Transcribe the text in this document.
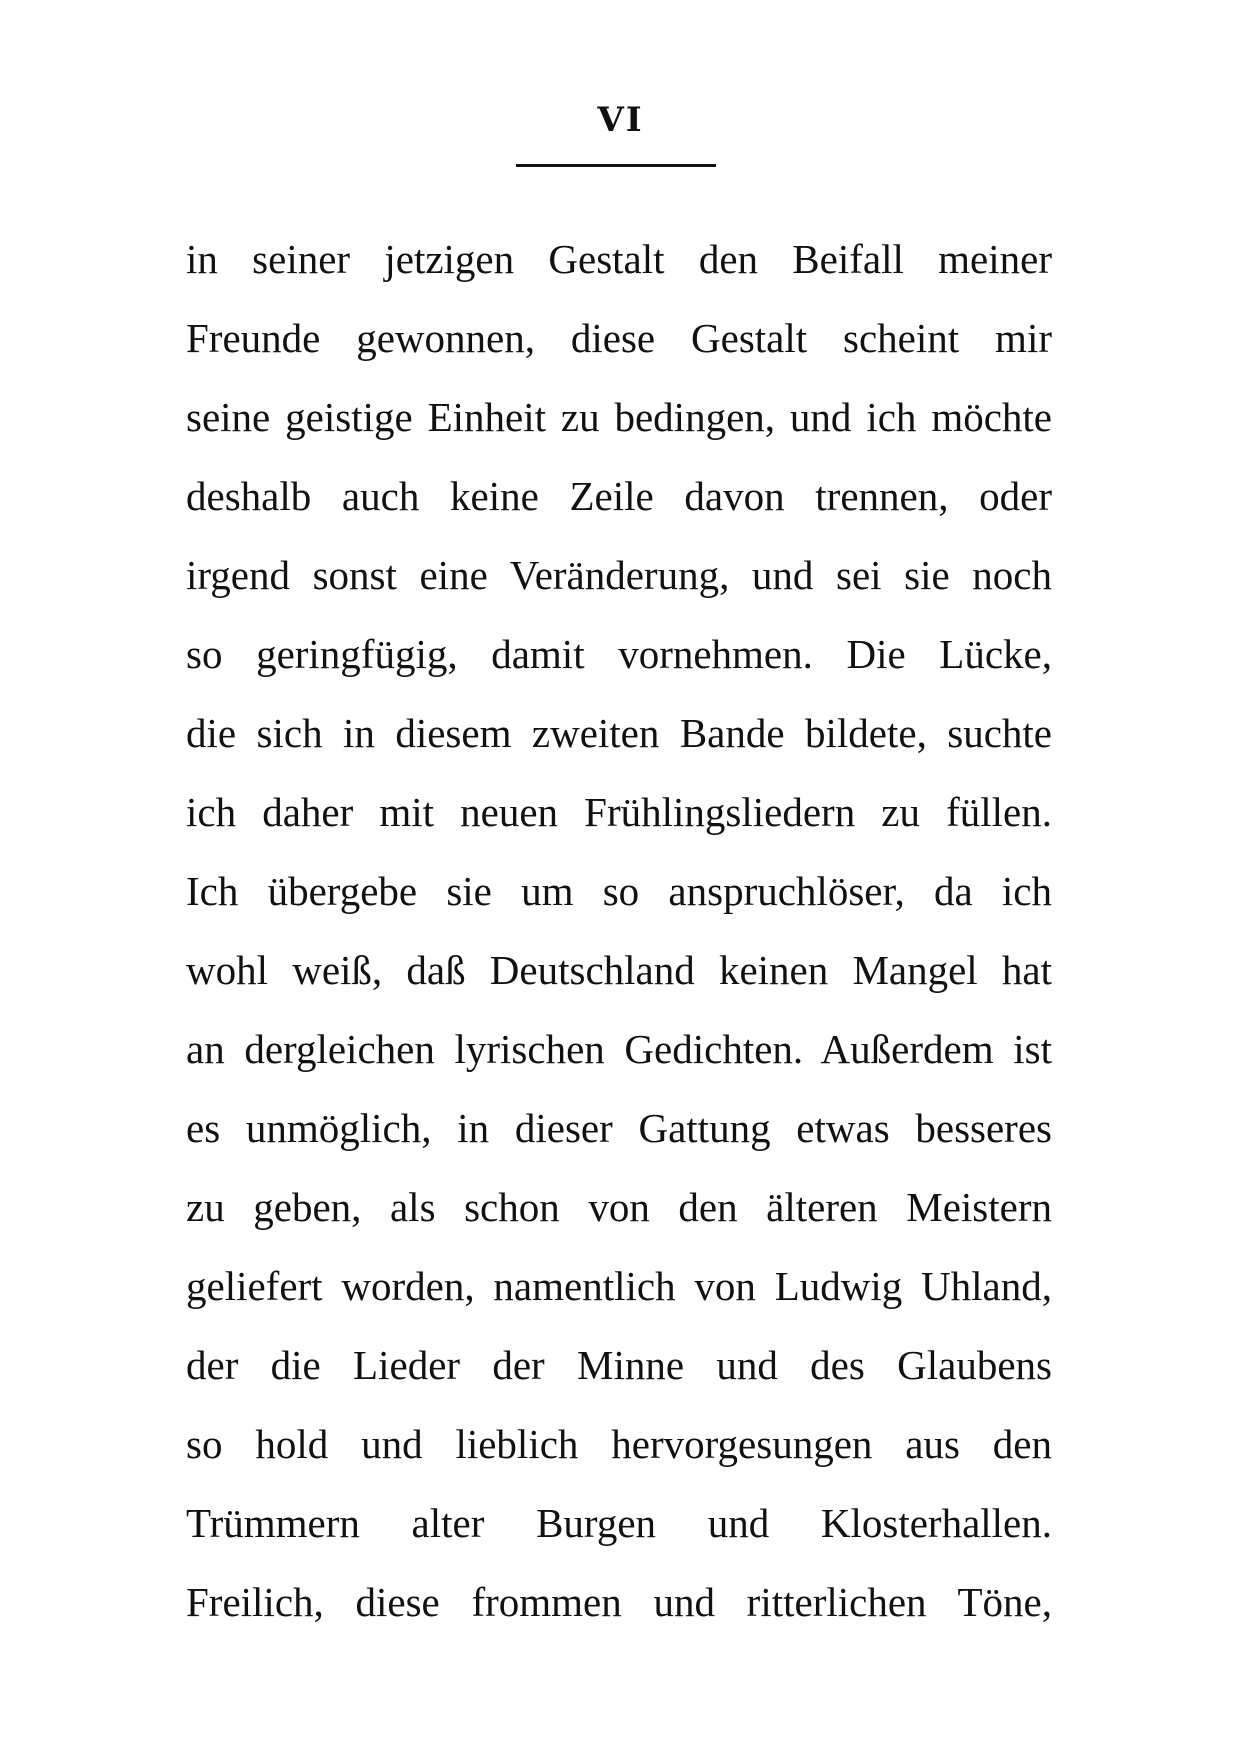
VI
in seiner jetzigen Gestalt den Beifall meiner
Freunde gewonnen, diese Gestalt scheint mir
seine geistige Einheit zu bedingen, und ich möchte
deshalb auch keine Zeile davon trennen, oder
irgend sonst eine Veränderung, und sei sie noch
so geringfügig, damit vornehmen. Die Lücke,
die sich in diesem zweiten Bande bildete, suchte
ich daher mit neuen Frühlingsliedern zu füllen.
Ich übergebe sie um so anspruchlöser, da ich
wohl weiß, daß Deutschland keinen Mangel hat
an dergleichen lyrischen Gedichten. Außerdem ist
es unmöglich, in dieser Gattung etwas besseres
zu geben, als schon von den älteren Meistern
geliefert worden, namentlich von Ludwig Uhland,
der die Lieder der Minne und des Glaubens
so hold und lieblich hervorgesungen aus den
Trümmern alter Burgen und Klosterhallen.
Freilich, diese frommen und ritterlichen Töne,
